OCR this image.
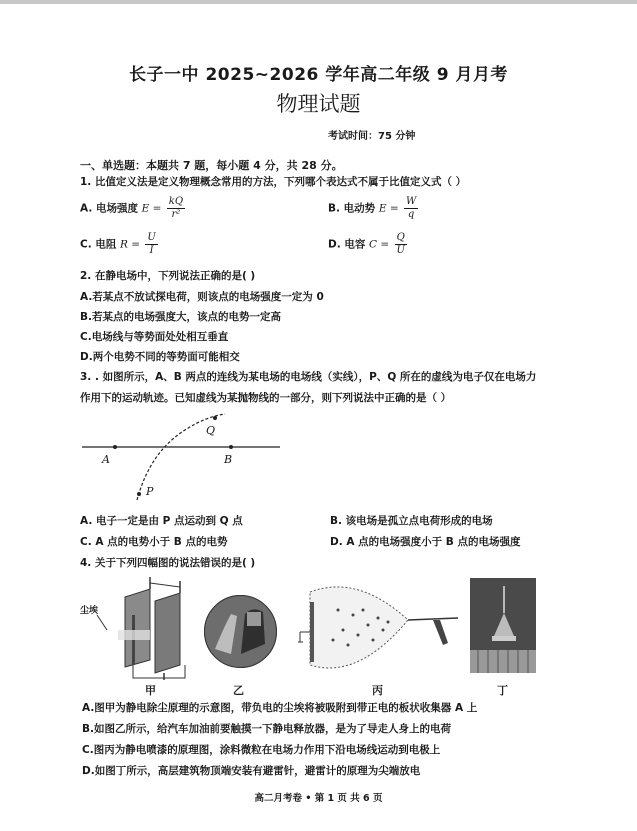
长子一中 2025~2026 学年高二年级 9 月月考
物理试题
考试时间：75 分钟
一、单选题：本题共 7 题，每小题 4 分，共 28 分。
1. 比值定义法是定义物理概念常用的方法，下列哪个表达式不属于比值定义式（ ）
A. 电场强度 $E = \frac{kQ}{\text{r²}}$	B. 电动势 $E = \frac{W}{q}$
C. 电阻 $R = \frac{U}{I}$	D. 电容 $C = \frac{Q}{U}$
2. 在静电场中，下列说法正确的是( )
A.若某点不放试探电荷，则该点的电场强度一定为 0
B.若某点的电场强度大，该点的电势一定高
C.电场线与等势面处处相互垂直
D.两个电势不同的等势面可能相交
3. . 如图所示，A、B 两点的连线为某电场的电场线（实线），P、Q 所在的虚线为电子仅在电场力
作用下的运动轨迹。已知虚线为某抛物线的一部分，则下列说法中正确的是（ ）
A	B
P
Q
A. 电子一定是由 P 点运动到 Q 点	B. 该电场是孤立点电荷形成的电场
C. A 点的电势小于 B 点的电势	D. A 点的电场强度小于 B 点的电场强度
4. 关于下列四幅图的说法错误的是( )
尘埃
甲	乙	丙	丁
A.图甲为静电除尘原理的示意图，带负电的尘埃将被吸附到带正电的板状收集器 A 上
B.如图乙所示，给汽车加油前要触摸一下静电释放器，是为了导走人身上的电荷
C.图丙为静电喷漆的原理图，涂料微粒在电场力作用下沿电场线运动到电极上
D.如图丁所示，高层建筑物顶端安装有避雷针，避雷计的原理为尖端放电
高二月考卷 • 第 1 页 共 6 页
